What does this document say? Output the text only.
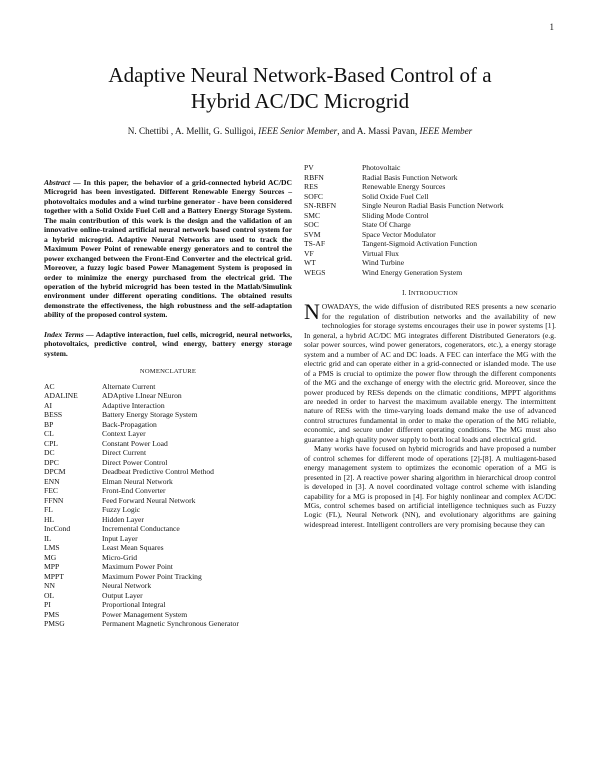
1
Adaptive Neural Network-Based Control of a
Hybrid AC/DC Microgrid
N. Chettibi , A. Mellit, G. Sulligoi, IEEE Senior Member, and A. Massi Pavan, IEEE Member

Abstract — In this paper, the behavior of a grid-connected hybrid AC/DC Microgrid has been investigated. Different Renewable Energy Sources – photovoltaics modules and a wind turbine generator - have been considered together with a Solid Oxide Fuel Cell and a Battery Energy Storage System. The main contribution of this work is the design and the validation of an innovative online-trained artificial neural network based control system for a hybrid microgrid. Adaptive Neural Networks are used to track the Maximum Power Point of renewable energy generators and to control the power exchanged between the Front-End Converter and the electrical grid. Moreover, a fuzzy logic based Power Management System is proposed in order to minimize the energy purchased from the electrical grid. The operation of the hybrid microgrid has been tested in the Matlab/Simulink environment under different operating conditions. The obtained results demonstrate the effectiveness, the high robustness and the self-adaptation ability of the proposed control system.

Index Terms — Adaptive interaction, fuel cells, microgrid, neural networks, photovoltaics, predictive control, wind energy, battery energy storage system.

NOMENCLATURE
AC	Alternate Current
ADALINE	ADAptive LInear NEuron
AI	Adaptive Interaction
BESS	Battery Energy Storage System
BP	Back-Propagation
CL	Context Layer
CPL	Constant Power Load
DC	Direct Current
DPC	Direct Power Control
DPCM	Deadbeat Predictive Control Method
ENN	Elman Neural Network
FEC	Front-End Converter
FFNN	Feed Forward Neural Network
FL	Fuzzy Logic
HL	Hidden Layer
IncCond	Incremental Conductance
IL	Input Layer
LMS	Least Mean Squares
MG	Micro-Grid
MPP	Maximum Power Point
MPPT	Maximum Power Point Tracking
NN	Neural Network
OL	Output Layer
PI	Proportional Integral
PMS	Power Management System
PMSG	Permanent Magnetic Synchronous Generator
PV	Photovoltaic
RBFN	Radial Basis Function Network
RES	Renewable Energy Sources
SOFC	Solid Oxide Fuel Cell
SN-RBFN	Single Neuron Radial Basis Function Network
SMC	Sliding Mode Control
SOC	State Of Charge
SVM	Space Vector Modulator
TS-AF	Tangent-Sigmoid Activation Function
VF	Virtual Flux
WT	Wind Turbine
WEGS	Wind Energy Generation System
I. INTRODUCTION

NOWADAYS, the wide diffusion of distributed RES presents a new scenario for the regulation of distribution networks and the availability of new technologies for storage systems encourages their use in power systems [1]. In general, a hybrid AC/DC MG integrates different Distributed Generators (e.g. solar power sources, wind power generators, cogenerators, etc.), a energy storage system and a number of AC and DC loads. A FEC can interface the MG with the electric grid and can operate either in a grid-connected or islanded mode. The use of a PMS is crucial to optimize the power flow through the different components of the MG and the exchange of energy with the electric grid. Moreover, since the power produced by RESs depends on the climatic conditions, MPPT algorithms are needed in order to harvest the maximum available energy. The intermittent nature of RESs with the time-varying loads demand make the use of advanced control structures fundamental in order to make the operation of the MG reliable, economic, and secure under different operating conditions. The MG must also guarantee a high quality power supply to both local loads and electrical grid.

Many works have focused on hybrid microgrids and have proposed a number of control schemes for different mode of operations [2]-[8]. A multiagent-based energy management system to optimizes the economic operation of a MG is presented in [2]. A reactive power sharing algorithm in hierarchical droop control is developed in [3]. A novel coordinated voltage control scheme with islanding capability for a MG is proposed in [4]. For highly nonlinear and complex AC/DC MGs, control schemes based on artificial intelligence techniques such as Fuzzy Logic (FL), Neural Network (NN), and evolutionary algorithms are gaining widespread interest. Intelligent controllers are very promising because they can
